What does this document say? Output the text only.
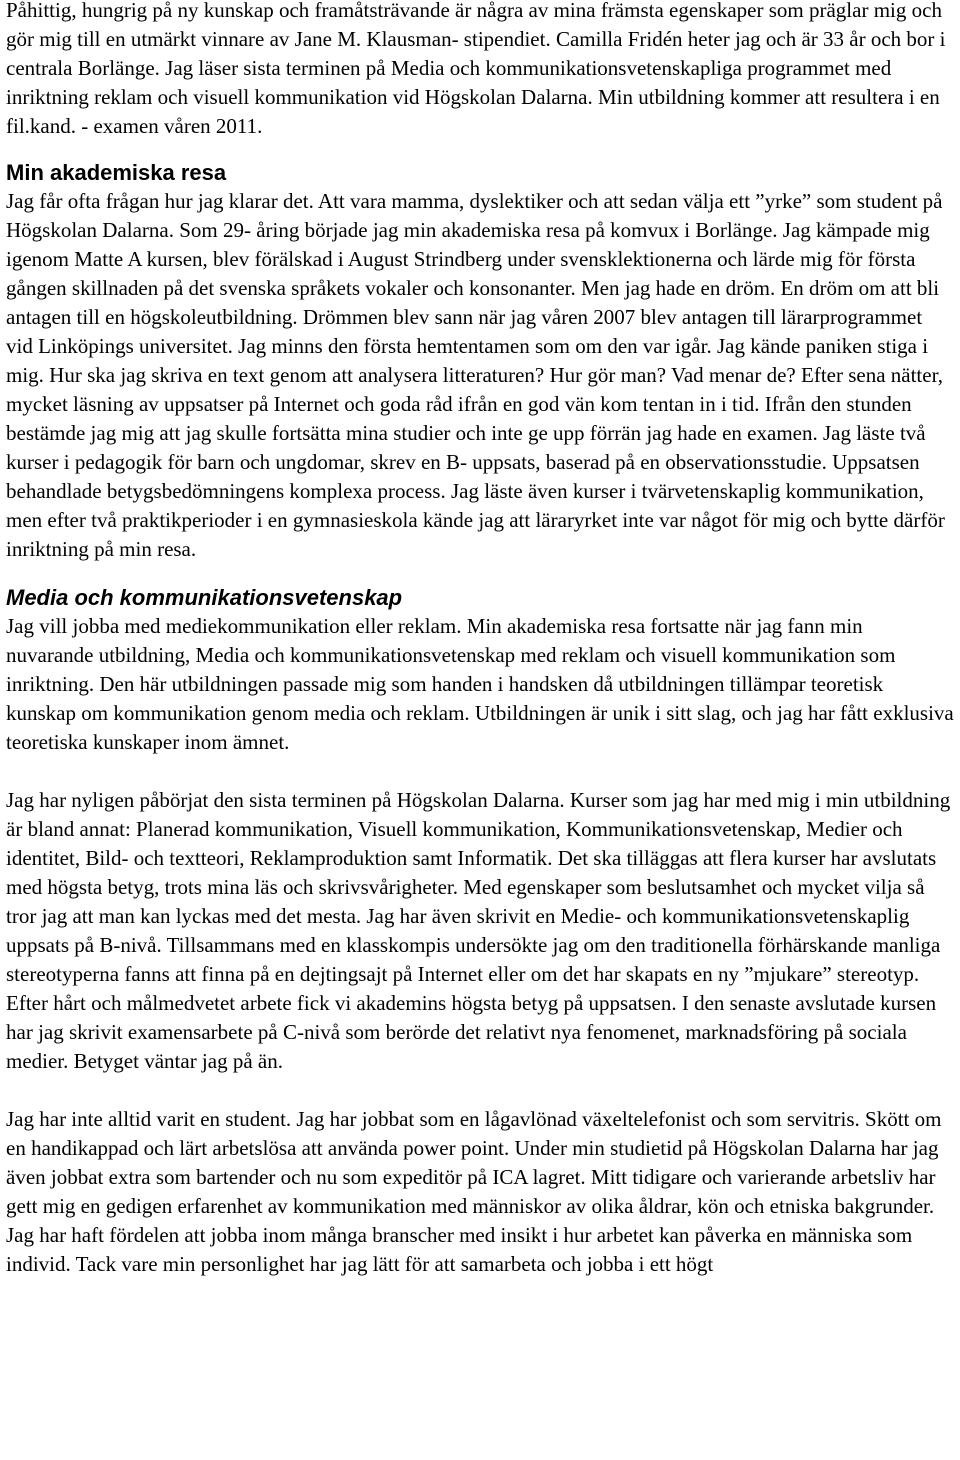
Påhittig, hungrig på ny kunskap och framåtsträvande är några av mina främsta egenskaper som präglar mig och gör mig till en utmärkt vinnare av Jane M. Klausman- stipendiet. Camilla Fridén heter jag och är 33 år och bor i centrala Borlänge. Jag läser sista terminen på Media och kommunikationsvetenskapliga programmet med inriktning reklam och visuell kommunikation vid Högskolan Dalarna. Min utbildning kommer att resultera i en fil.kand. - examen våren 2011.

Min akademiska resa

Jag får ofta frågan hur jag klarar det. Att vara mamma, dyslektiker och att sedan välja ett ”yrke” som student på Högskolan Dalarna. Som 29- åring började jag min akademiska resa på komvux i Borlänge. Jag kämpade mig igenom Matte A kursen, blev förälskad i August Strindberg under svensklektionerna och lärde mig för första gången skillnaden på det svenska språkets vokaler och konsonanter. Men jag hade en dröm. En dröm om att bli antagen till en högskoleutbildning. Drömmen blev sann när jag våren 2007 blev antagen till lärarprogrammet vid Linköpings universitet. Jag minns den första hemtentamen som om den var igår. Jag kände paniken stiga i mig. Hur ska jag skriva en text genom att analysera litteraturen? Hur gör man? Vad menar de? Efter sena nätter, mycket läsning av uppsatser på Internet och goda råd ifrån en god vän kom tentan in i tid. Ifrån den stunden bestämde jag mig att jag skulle fortsätta mina studier och inte ge upp förrän jag hade en examen. Jag läste två kurser i pedagogik för barn och ungdomar, skrev en B- uppsats, baserad på en observationsstudie. Uppsatsen behandlade betygsbedömningens komplexa process. Jag läste även kurser i tvärvetenskaplig kommunikation, men efter två praktikperioder i en gymnasieskola kände jag att läraryrket inte var något för mig och bytte därför inriktning på min resa.

Media och kommunikationsvetenskap

Jag vill jobba med mediekommunikation eller reklam. Min akademiska resa fortsatte när jag fann min nuvarande utbildning, Media och kommunikationsvetenskap med reklam och visuell kommunikation som inriktning. Den här utbildningen passade mig som handen i handsken då utbildningen tillämpar teoretisk kunskap om kommunikation genom media och reklam. Utbildningen är unik i sitt slag, och jag har fått exklusiva teoretiska kunskaper inom ämnet.

Jag har nyligen påbörjat den sista terminen på Högskolan Dalarna. Kurser som jag har med mig i min utbildning är bland annat: Planerad kommunikation, Visuell kommunikation, Kommunikationsvetenskap, Medier och identitet, Bild- och textteori, Reklamproduktion samt Informatik. Det ska tilläggas att flera kurser har avslutats med högsta betyg, trots mina läs och skrivsvårigheter. Med egenskaper som beslutsamhet och mycket vilja så tror jag att man kan lyckas med det mesta. Jag har även skrivit en Medie- och kommunikationsvetenskaplig uppsats på B-nivå. Tillsammans med en klasskompis undersökte jag om den traditionella förhärskande manliga stereotyperna fanns att finna på en dejtingsajt på Internet eller om det har skapats en ny ”mjukare” stereotyp. Efter hårt och målmedvetet arbete fick vi akademins högsta betyg på uppsatsen. I den senaste avslutade kursen har jag skrivit examensarbete på C-nivå som berörde det relativt nya fenomenet, marknadsföring på sociala medier. Betyget väntar jag på än.

Jag har inte alltid varit en student. Jag har jobbat som en lågavlönad växeltelefonist och som servitris. Skött om en handikappad och lärt arbetslösa att använda power point. Under min studietid på Högskolan Dalarna har jag även jobbat extra som bartender och nu som expeditör på ICA lagret. Mitt tidigare och varierande arbetsliv har gett mig en gedigen erfarenhet av kommunikation med människor av olika åldrar, kön och etniska bakgrunder. Jag har haft fördelen att jobba inom många branscher med insikt i hur arbetet kan påverka en människa som individ. Tack vare min personlighet har jag lätt för att samarbeta och jobba i ett högt
